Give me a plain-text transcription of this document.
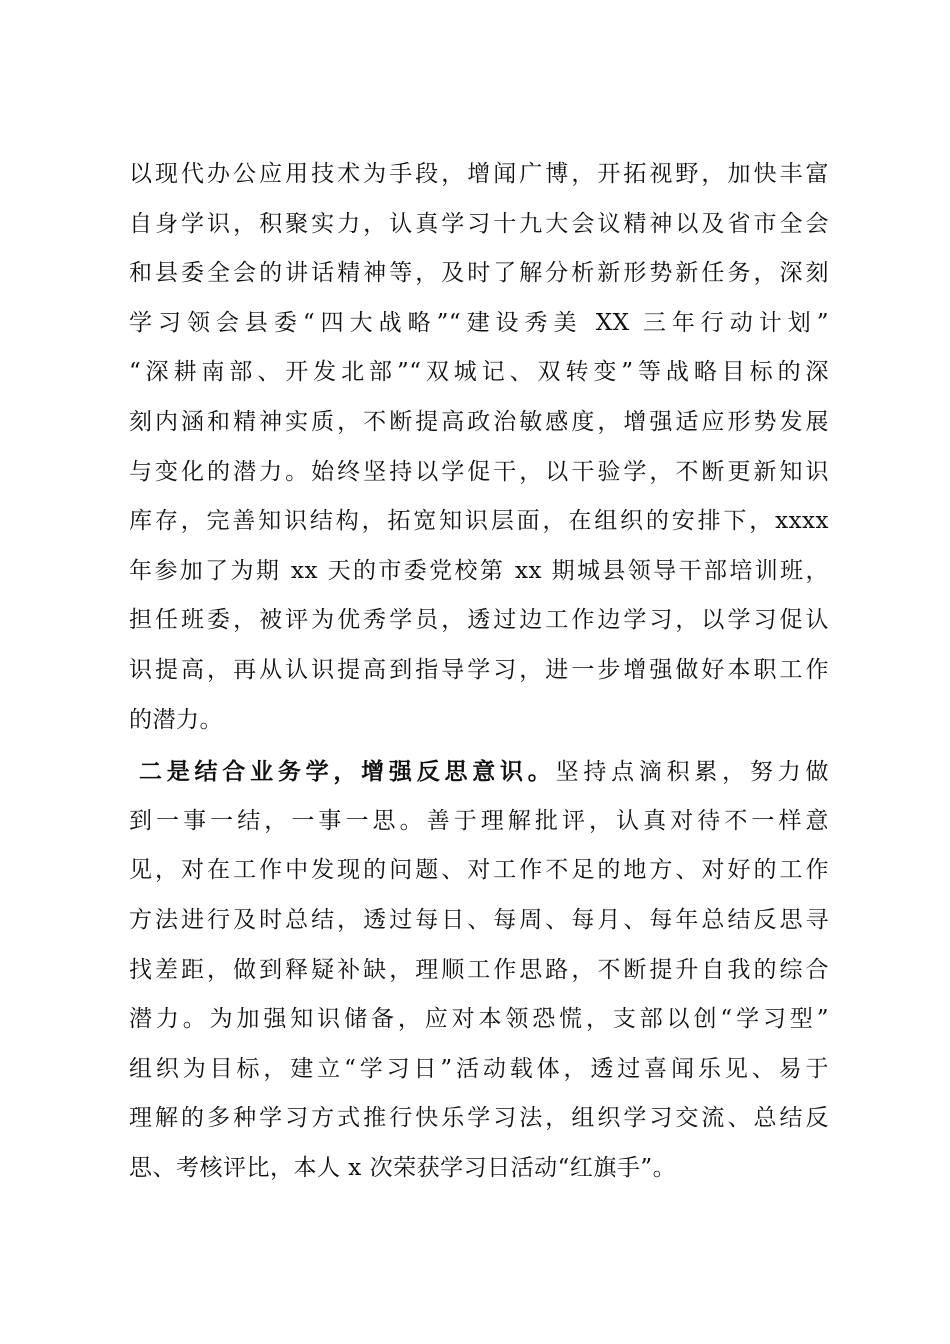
以现代办公应用技术为手段，增闻广博，开拓视野，加快丰富
自身学识，积聚实力，认真学习十九大会议精神以及省市全会
和县委全会的讲话精神等，及时了解分析新形势新任务，深刻
学习领会县委“四大战略”“建设秀美 XX 三年行动计划”
“深耕南部、开发北部”“双城记、双转变”等战略目标的深
刻内涵和精神实质，不断提高政治敏感度，增强适应形势发展
与变化的潜力。始终坚持以学促干，以干验学，不断更新知识
库存，完善知识结构，拓宽知识层面，在组织的安排下，xxxx
年参加了为期 xx 天的市委党校第 xx 期城县领导干部培训班，
担任班委，被评为优秀学员，透过边工作边学习，以学习促认
识提高，再从认识提高到指导学习，进一步增强做好本职工作
的潜力。
二是结合业务学，增强反思意识。坚持点滴积累，努力做
到一事一结，一事一思。善于理解批评，认真对待不一样意
见，对在工作中发现的问题、对工作不足的地方、对好的工作
方法进行及时总结，透过每日、每周、每月、每年总结反思寻
找差距，做到释疑补缺，理顺工作思路，不断提升自我的综合
潜力。为加强知识储备，应对本领恐慌，支部以创“学习型”
组织为目标，建立“学习日”活动载体，透过喜闻乐见、易于
理解的多种学习方式推行快乐学习法，组织学习交流、总结反
思、考核评比，本人 x 次荣获学习日活动“红旗手”。
